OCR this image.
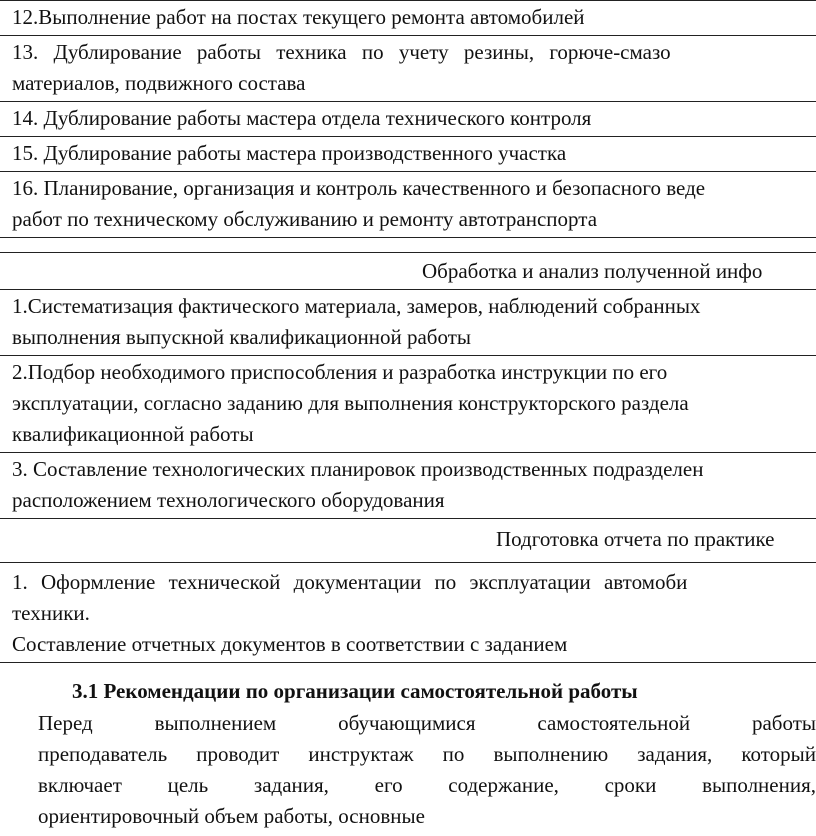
12.Выполнение работ на постах текущего ремонта автомобилей

13. Дублирование работы техника по учету резины, горюче-смазо
материалов, подвижного состава

14. Дублирование работы мастера отдела технического контроля

15. Дублирование работы мастера производственного участка

16. Планирование, организация и контроль качественного и безопасного веде
работ по техническому обслуживанию и ремонту автотранспорта
Обработка и анализ полученной инфо

1.Систематизация фактического материала, замеров, наблюдений собранных
выполнения выпускной квалификационной работы

2.Подбор необходимого приспособления и разработка инструкции по его
эксплуатации, согласно заданию для выполнения конструкторского раздела
квалификационной работы

3. Составление технологических планировок производственных подразделен
расположением технологического оборудования

Подготовка отчета по практике

1. Оформление технической документации по эксплуатации автомоби
техники.
Составление отчетных документов в соответствии с заданием
3.1 Рекомендации по организации самостоятельной работы
Перед выполнением обучающимися самостоятельной работы
преподаватель проводит инструктаж по выполнению задания, который
включает цель задания, его содержание, сроки выполнения,
ориентировочный объем работы, основные
